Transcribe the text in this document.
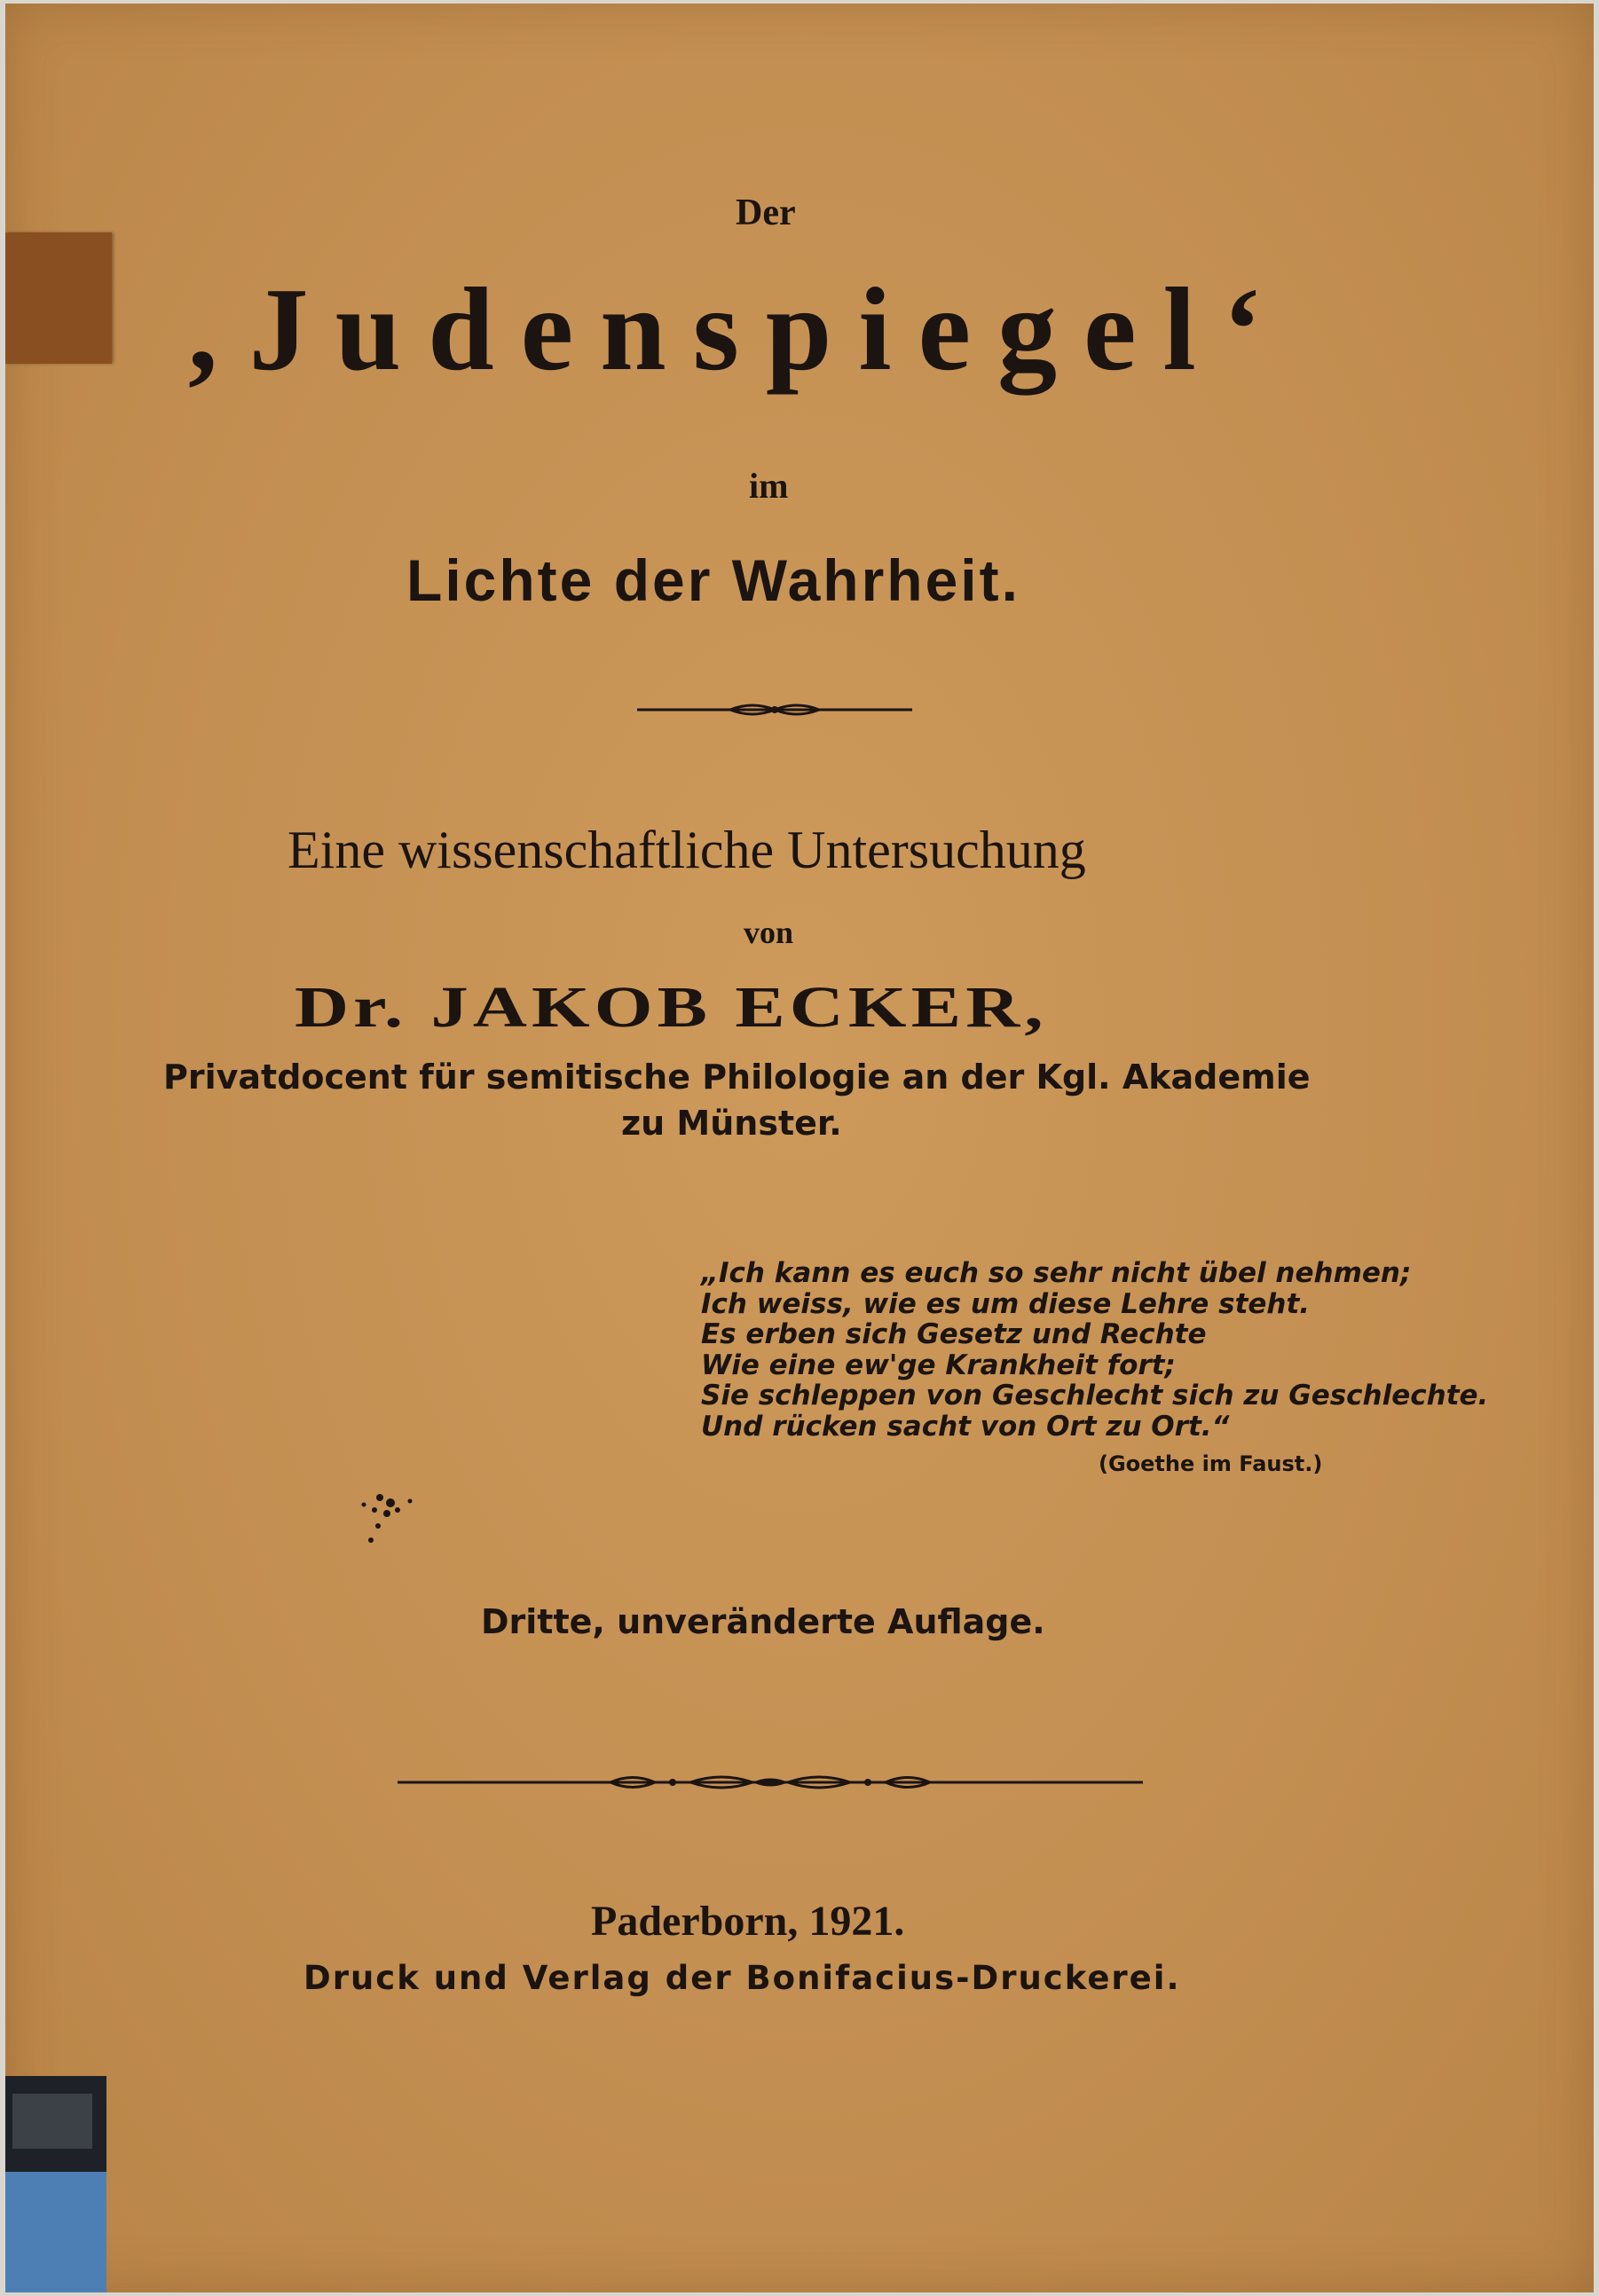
Der
‚Judenspiegel‘
im
Lichte der Wahrheit.
Eine wissenschaftliche Untersuchung
von
Dr. JAKOB ECKER,
Privatdocent für semitische Philologie an der Kgl. Akademie
zu Münster.
„Ich kann es euch so sehr nicht übel nehmen;
Ich weiss, wie es um diese Lehre steht.
Es erben sich Gesetz und Rechte
Wie eine ew'ge Krankheit fort;
Sie schleppen von Geschlecht sich zu Geschlechte.
Und rücken sacht von Ort zu Ort.“
(Goethe im Faust.)
Dritte, unveränderte Auflage.
Paderborn, 1921.
Druck und Verlag der Bonifacius-Druckerei.
